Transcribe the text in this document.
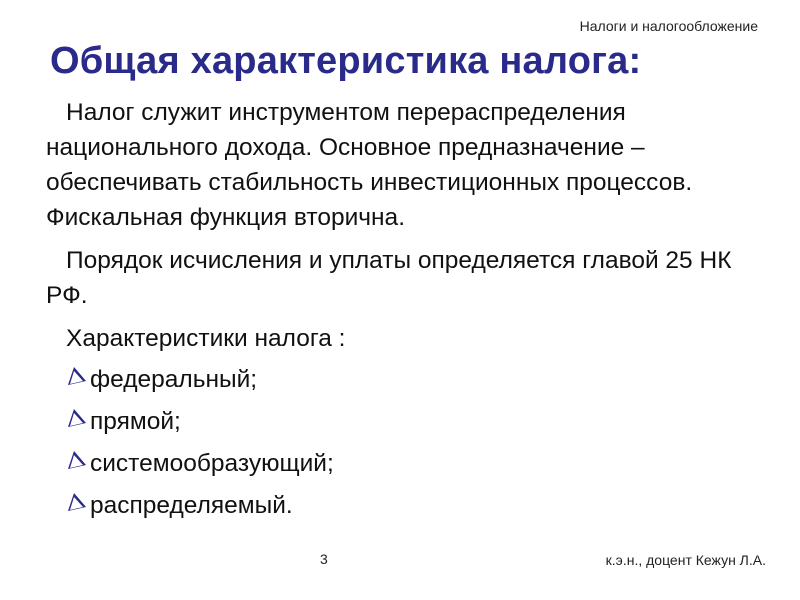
Налоги и налогообложение
Общая характеристика налога:

Налог служит инструментом перераспределения национального дохода. Основное предназначение – обеспечивать стабильность инвестиционных процессов. Фискальная функция вторична.

Порядок исчисления и уплаты определяется главой 25 НК РФ.

Характеристики налога :

федеральный;
прямой;
системообразующий;
распределяемый.
3	к.э.н., доцент Кежун Л.А.
